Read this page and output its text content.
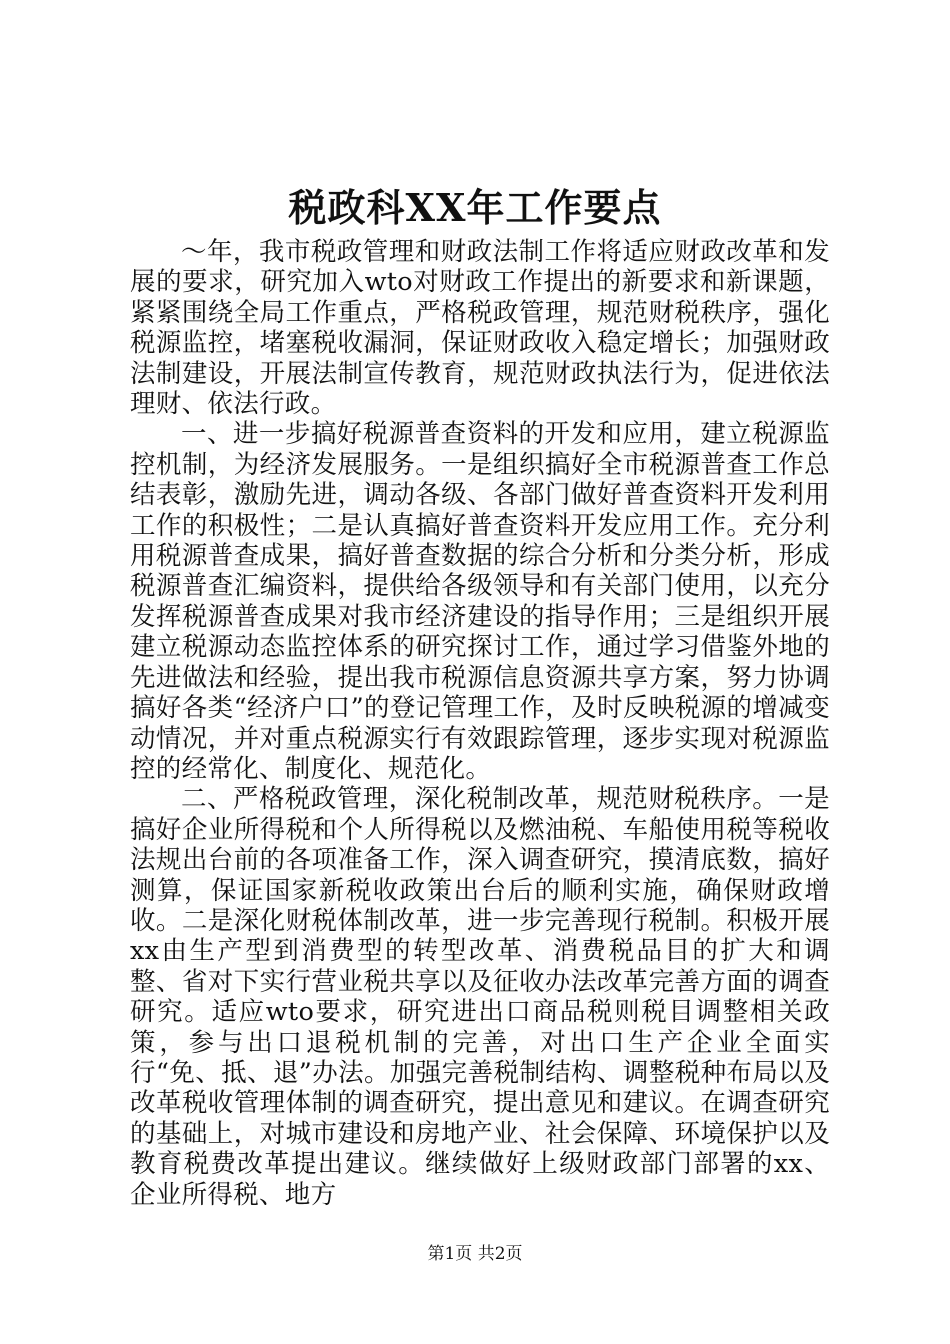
税政科XX年工作要点

～年，我市税政管理和财政法制工作将适应财政改革和发展的要求，研究加入wto对财政工作提出的新要求和新课题，紧紧围绕全局工作重点，严格税政管理，规范财税秩序，强化税源监控，堵塞税收漏洞，保证财政收入稳定增长；加强财政法制建设，开展法制宣传教育，规范财政执法行为，促进依法理财、依法行政。

一、进一步搞好税源普查资料的开发和应用，建立税源监控机制，为经济发展服务。一是组织搞好全市税源普查工作总结表彰，激励先进，调动各级、各部门做好普查资料开发利用工作的积极性；二是认真搞好普查资料开发应用工作。充分利用税源普查成果，搞好普查数据的综合分析和分类分析，形成税源普查汇编资料，提供给各级领导和有关部门使用，以充分发挥税源普查成果对我市经济建设的指导作用；三是组织开展建立税源动态监控体系的研究探讨工作，通过学习借鉴外地的先进做法和经验，提出我市税源信息资源共享方案，努力协调搞好各类“经济户口”的登记管理工作，及时反映税源的增减变动情况，并对重点税源实行有效跟踪管理，逐步实现对税源监控的经常化、制度化、规范化。

二、严格税政管理，深化税制改革，规范财税秩序。一是搞好企业所得税和个人所得税以及燃油税、车船使用税等税收法规出台前的各项准备工作，深入调查研究，摸清底数，搞好测算，保证国家新税收政策出台后的顺利实施，确保财政增收。二是深化财税体制改革，进一步完善现行税制。积极开展xx由生产型到消费型的转型改革、消费税品目的扩大和调整、省对下实行营业税共享以及征收办法改革完善方面的调查研究。适应wto要求，研究进出口商品税则税目调整相关政策，参与出口退税机制的完善，对出口生产企业全面实行“免、抵、退”办法。加强完善税制结构、调整税种布局以及改革税收管理体制的调查研究，提出意见和建议。在调查研究的基础上，对城市建设和房地产业、社会保障、环境保护以及教育税费改革提出建议。继续做好上级财政部门部署的xx、企业所得税、地方

第1页 共2页
